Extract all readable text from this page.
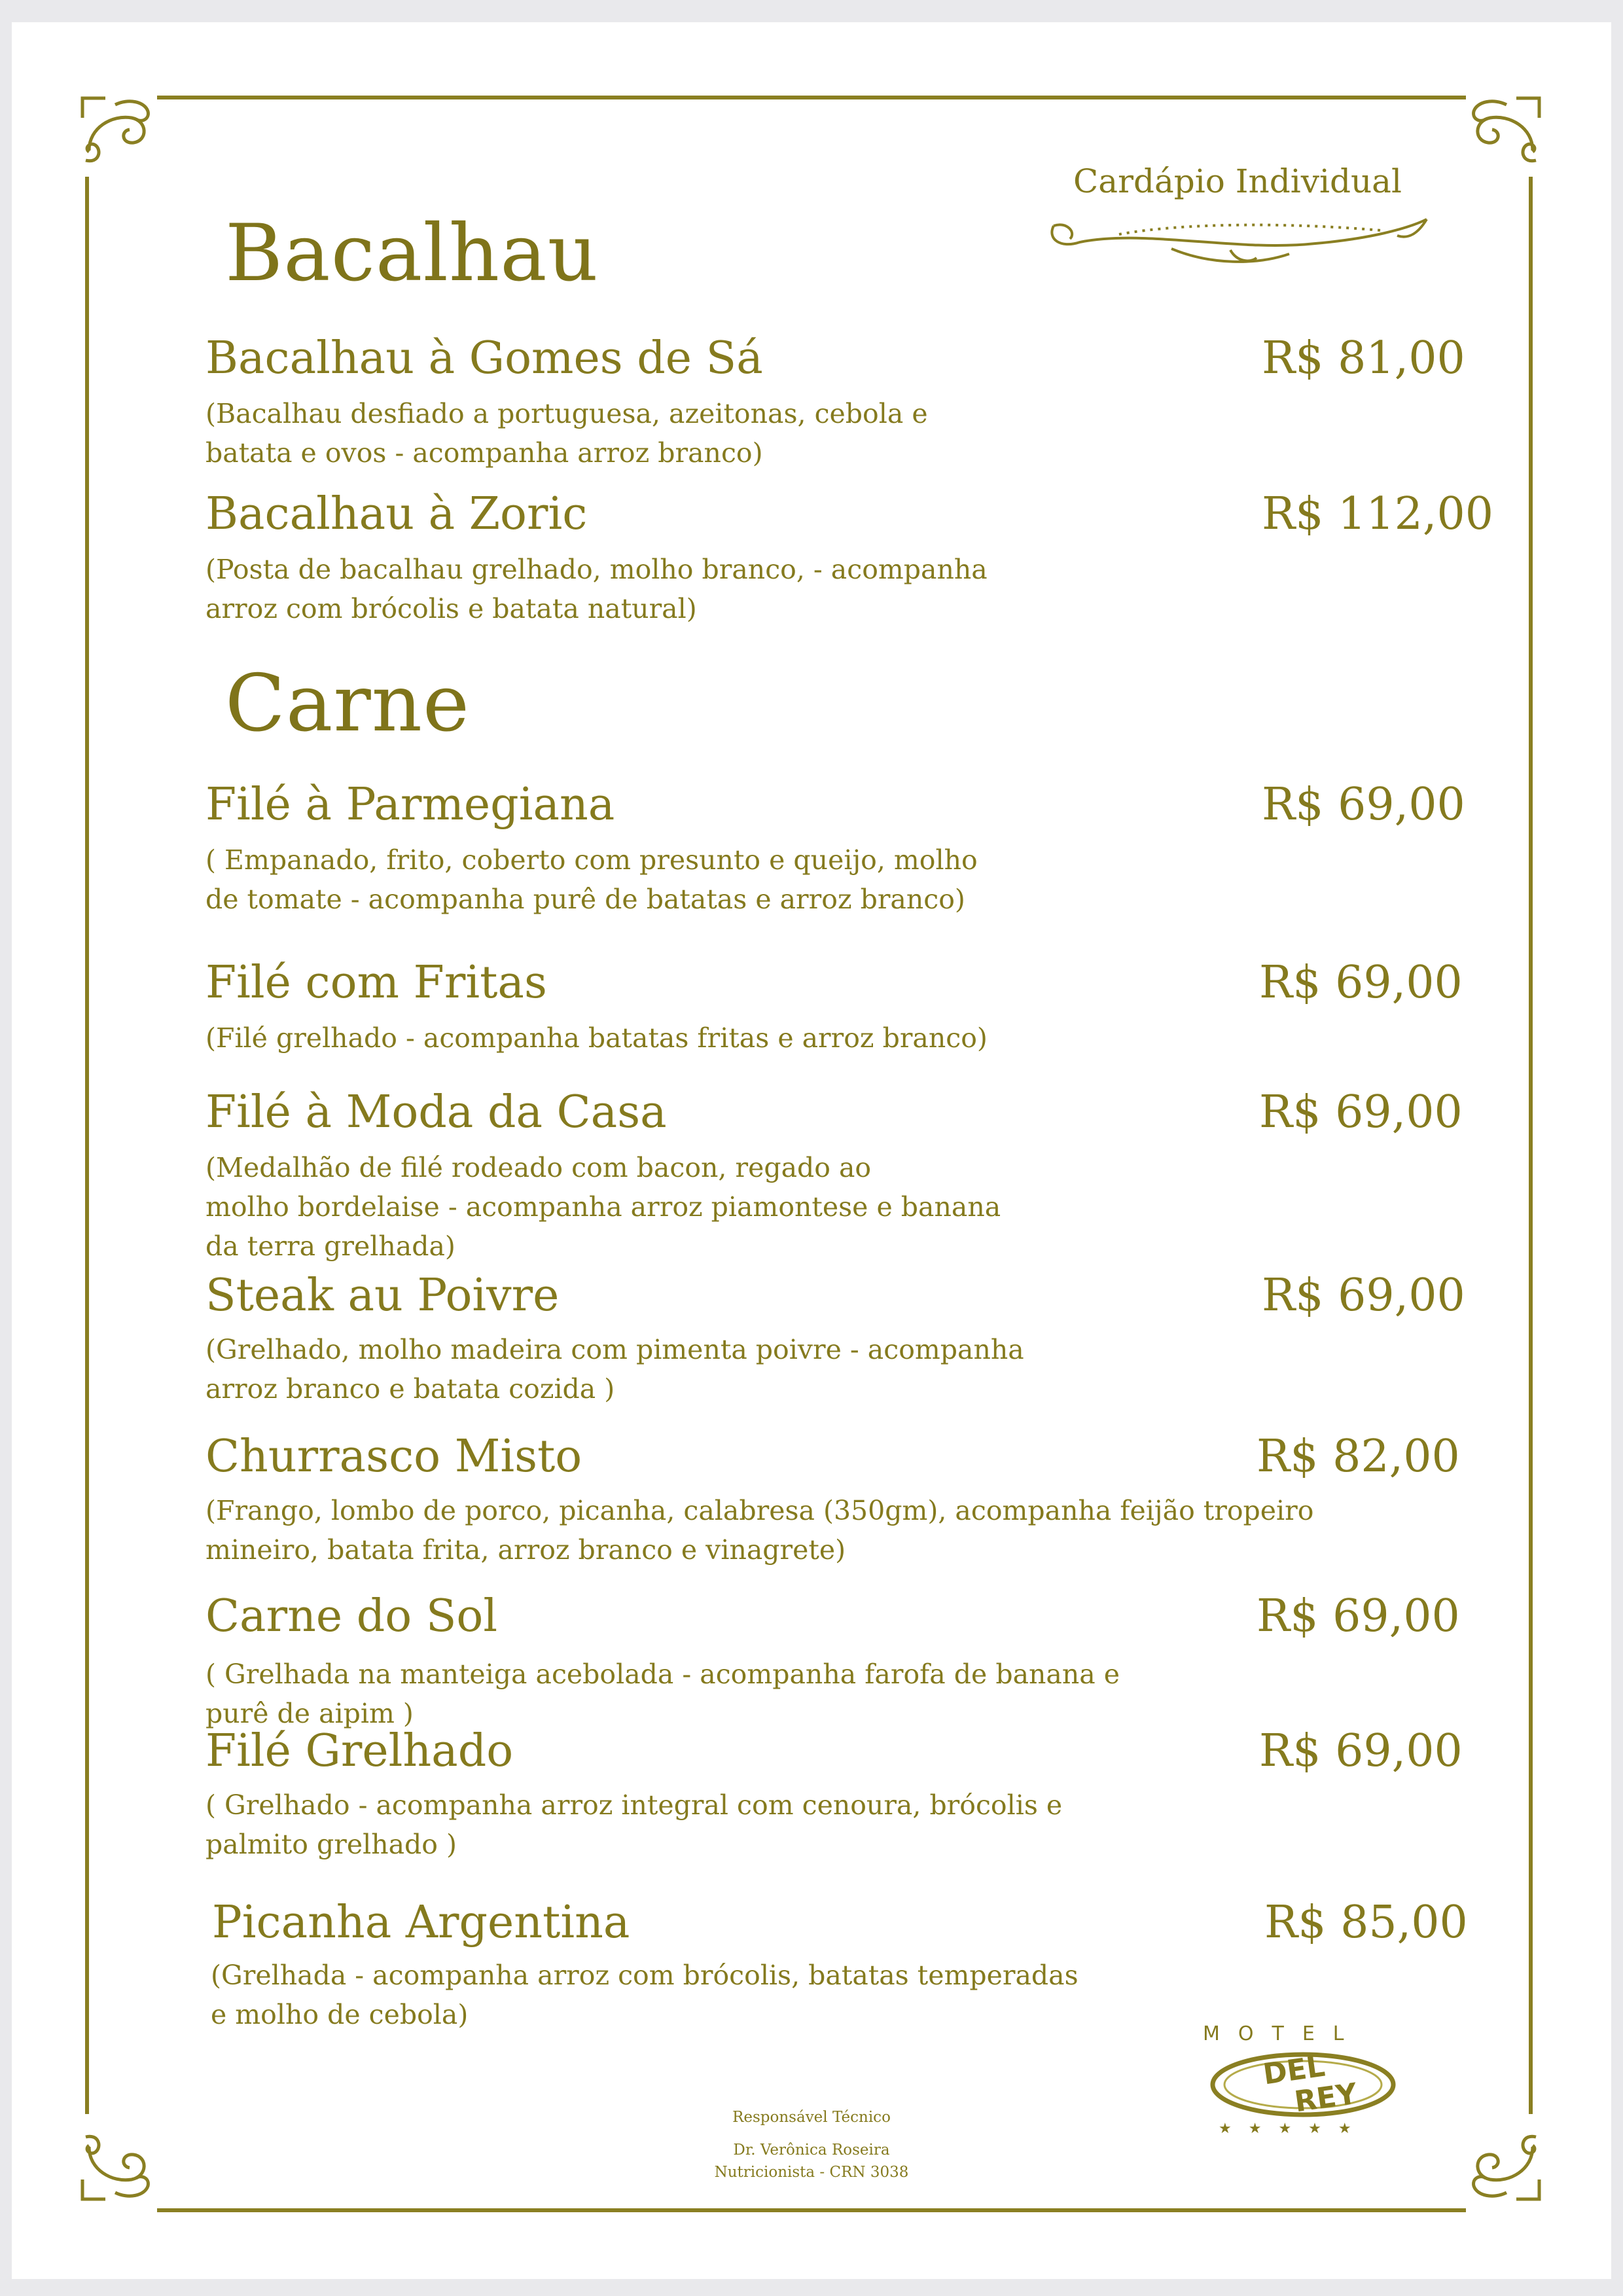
Cardápio Individual
Bacalhau
Bacalhau à Gomes de Sá	R$ 81,00
(Bacalhau desfiado a portuguesa, azeitonas, cebola e
batata e ovos - acompanha arroz branco)
Bacalhau à Zoric	R$ 112,00
(Posta de bacalhau grelhado, molho branco, - acompanha
arroz com brócolis e batata natural)
Carne
Filé à Parmegiana	R$ 69,00
( Empanado, frito, coberto com presunto e queijo, molho
de tomate - acompanha purê de batatas e arroz branco)
Filé com Fritas	R$ 69,00
(Filé grelhado - acompanha batatas fritas e arroz branco)
Filé à Moda da Casa	R$ 69,00
(Medalhão de filé rodeado com bacon, regado ao
molho bordelaise - acompanha arroz piamontese e banana
da terra grelhada)
Steak au Poivre	R$ 69,00
(Grelhado, molho madeira com pimenta poivre - acompanha
arroz branco e batata cozida )
Churrasco Misto	R$ 82,00
(Frango, lombo de porco, picanha, calabresa (350gm), acompanha feijão tropeiro
mineiro, batata frita, arroz branco e vinagrete)
Carne do Sol	R$ 69,00
( Grelhada na manteiga acebolada - acompanha farofa de banana e
purê de aipim )
Filé Grelhado	R$ 69,00
( Grelhado - acompanha arroz integral com cenoura, brócolis e
palmito grelhado )
Picanha Argentina	R$ 85,00
(Grelhada - acompanha arroz com brócolis, batatas temperadas
e molho de cebola)
MOTEL
DEL
REY
★★★★★
Responsável Técnico
Dr. Verônica Roseira
Nutricionista - CRN 3038
